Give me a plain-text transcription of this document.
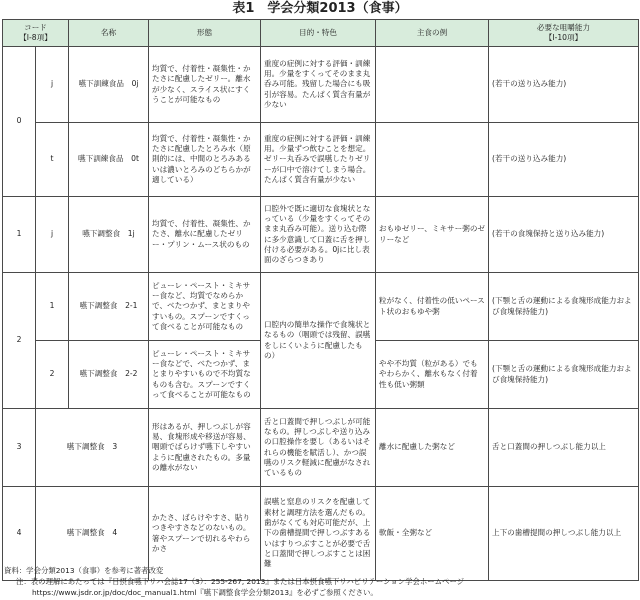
表1　学会分類2013（食事）
コード
【I-8項】		名称	形態	目的・特色	主食の例	必要な咀嚼能力
【I-10項】
0	j	嚥下訓練食品　0j	均質で、付着性・凝集性・かたさに配慮したゼリー。離水が少なく、スライス状にすくうことが可能なもの	重度の症例に対する評価・訓練用。少量をすくってそのまま丸呑み可能。残留した場合にも吸引が容易。たんぱく質含有量が少ない		(若干の送り込み能力)
	t	嚥下訓練食品　0t	均質で、付着性・凝集性・かたさに配慮したとろみ水（原則的には、中間のとろみあるいは濃いとろみのどちらかが適している）	重度の症例に対する評価・訓練用。少量ずつ飲むことを想定。ゼリー丸呑みで誤嚥したりゼリーが口中で溶けてしまう場合。たんぱく質含有量が少ない		(若干の送り込み能力)
1	j	嚥下調整食　1j	均質で、付着性、凝集性、かたさ、離水に配慮したゼリー・プリン・ムース状のもの	口腔外で既に適切な食塊状となっている（少量をすくってそのまま丸呑み可能）。送り込む際に多少意識して口蓋に舌を押し付ける必要がある。0jに比し表面のざらつきあり	おもゆゼリー、ミキサー粥のゼリーなど	(若干の食塊保持と送り込み能力)
2	1	嚥下調整食　2-1	ピューレ・ペースト・ミキサー食など、均質でなめらかで、べたつかず、まとまりやすいもの。スプーンですくって食べることが可能なもの	口腔内の簡単な操作で食塊状となるもの（咽頭では残留、誤嚥をしにくいように配慮したもの）	粒がなく、付着性の低いペースト状のおもゆや粥	(下顎と舌の運動による食塊形成能力および食塊保持能力)
	2	嚥下調整食　2-2	ピューレ・ペースト・ミキサー食などで、べたつかず、まとまりやすいもので不均質なものも含む。スプーンですくって食べることが可能なもの		やや不均質（粒がある）でもやわらかく、離水もなく付着性も低い粥類	(下顎と舌の運動による食塊形成能力および食塊保持能力)
3	嚥下調整食　3		形はあるが、押しつぶしが容易、食塊形成や移送が容易、咽頭でばらけず嚥下しやすいように配慮されたもの。多量の離水がない	舌と口蓋間で押しつぶしが可能なもの。押しつぶしや送り込みの口腔操作を要し（あるいはそれらの機能を賦活し）、かつ誤嚥のリスク軽減に配慮がなされているもの	離水に配慮した粥など	舌と口蓋間の押しつぶし能力以上
4	嚥下調整食　4		かたさ、ばらけやすさ、貼りつきやすさなどのないもの。箸やスプーンで切れるやわらかさ	誤嚥と窒息のリスクを配慮して素材と調理方法を選んだもの。歯がなくても対応可能だが、上下の歯槽提間で押しつぶすあるいはすりつぶすことが必要で舌と口蓋間で押しつぶすことは困難	軟飯・全粥など	上下の歯槽提間の押しつぶし能力以上
資料：学会分類2013（食事）を参考に著者改変
注：表の理解にあたっては『日摂食嚥下リハ会誌17（3）：255-267, 2013』または日本摂食嚥下リハビリテーション学会ホームページ
https://www.jsdr.or.jp/doc/doc_manual1.html『嚥下調整食学会分類2013』を必ずご参照ください。
